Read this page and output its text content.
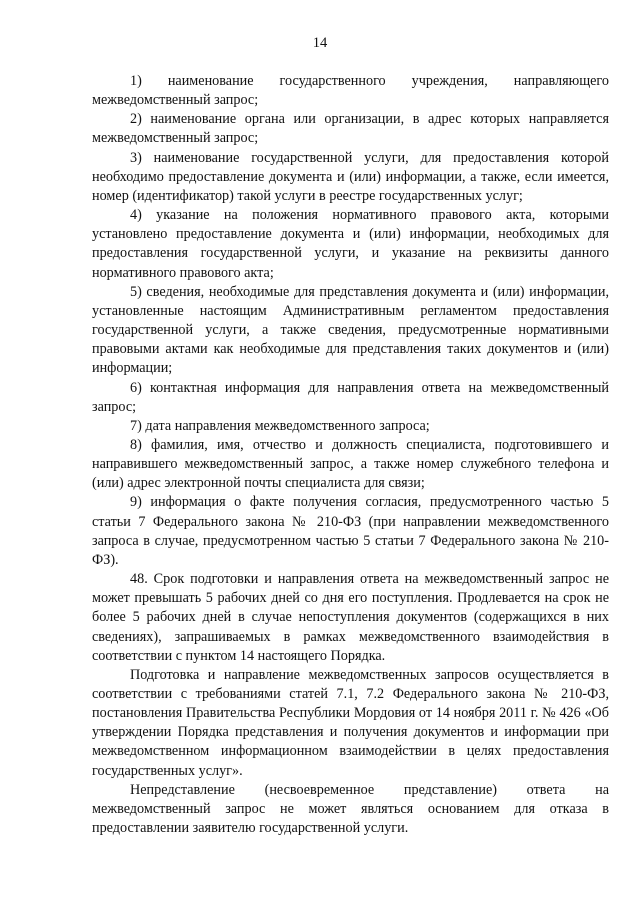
14

1) наименование государственного учреждения, направляющего межведомственный запрос;

2) наименование органа или организации, в адрес которых направляется межведомственный запрос;

3) наименование государственной услуги, для предоставления которой необходимо предоставление документа и (или) информации, а также, если имеется, номер (идентификатор) такой услуги в реестре государственных услуг;

4) указание на положения нормативного правового акта, которыми установлено предоставление документа и (или) информации, необходимых для предоставления государственной услуги, и указание на реквизиты данного нормативного правового акта;

5) сведения, необходимые для представления документа и (или) информации, установленные настоящим Административным регламентом предоставления государственной услуги, а также сведения, предусмотренные нормативными правовыми актами как необходимые для представления таких документов и (или) информации;

6) контактная информация для направления ответа на межведомственный запрос;

7) дата направления межведомственного запроса;

8) фамилия, имя, отчество и должность специалиста, подготовившего и направившего межведомственный запрос, а также номер служебного телефона и (или) адрес электронной почты специалиста для связи;

9) информация о факте получения согласия, предусмотренного частью 5 статьи 7 Федерального закона № 210-ФЗ (при направлении межведомственного запроса в случае, предусмотренном частью 5 статьи 7 Федерального закона № 210-ФЗ).

48. Срок подготовки и направления ответа на межведомственный запрос не может превышать 5 рабочих дней со дня его поступления. Продлевается на срок не более 5 рабочих дней в случае непоступления документов (содержащихся в них сведениях), запрашиваемых в рамках межведомственного взаимодействия в соответствии с пунктом 14 настоящего Порядка.

Подготовка и направление межведомственных запросов осуществляется в соответствии с требованиями статей 7.1, 7.2 Федерального закона № 210-ФЗ, постановления Правительства Республики Мордовия от 14 ноября 2011 г. № 426 «Об утверждении Порядка представления и получения документов и информации при межведомственном информационном взаимодействии в целях предоставления государственных услуг».

Непредставление (несвоевременное представление) ответа на межведомственный запрос не может являться основанием для отказа в предоставлении заявителю государственной услуги.
